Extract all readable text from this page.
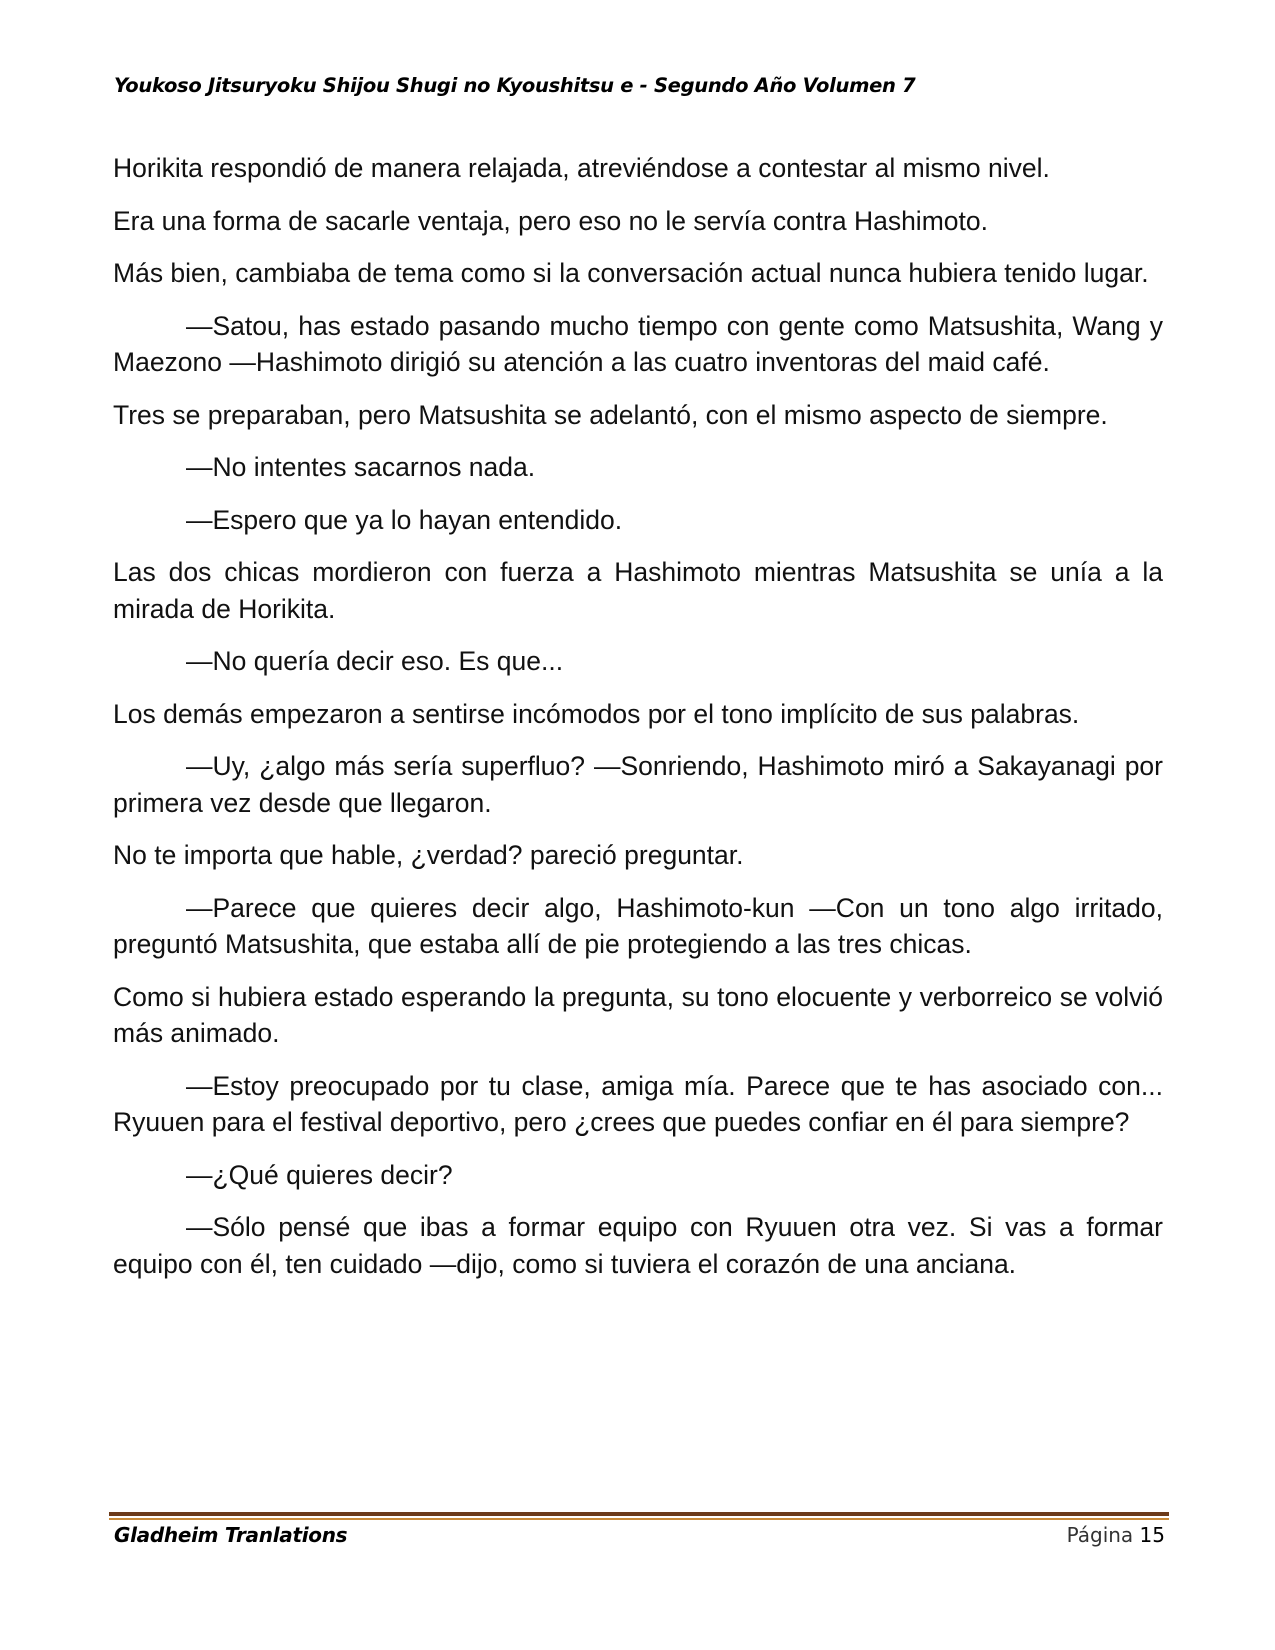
Youkoso Jitsuryoku Shijou Shugi no Kyoushitsu e - Segundo Año Volumen 7

Horikita respondió de manera relajada, atreviéndose a contestar al mismo nivel.

Era una forma de sacarle ventaja, pero eso no le servía contra Hashimoto.

Más bien, cambiaba de tema como si la conversación actual nunca hubiera tenido lugar.

—Satou, has estado pasando mucho tiempo con gente como Matsushita, Wang y Maezono —Hashimoto dirigió su atención a las cuatro inventoras del maid café.

Tres se preparaban, pero Matsushita se adelantó, con el mismo aspecto de siempre.

—No intentes sacarnos nada.

—Espero que ya lo hayan entendido.

Las dos chicas mordieron con fuerza a Hashimoto mientras Matsushita se unía a la mirada de Horikita.

—No quería decir eso. Es que...

Los demás empezaron a sentirse incómodos por el tono implícito de sus palabras.

—Uy, ¿algo más sería superfluo? —Sonriendo, Hashimoto miró a Sakayanagi por primera vez desde que llegaron.

No te importa que hable, ¿verdad? pareció preguntar.

—Parece que quieres decir algo, Hashimoto-kun —Con un tono algo irritado, preguntó Matsushita, que estaba allí de pie protegiendo a las tres chicas.

Como si hubiera estado esperando la pregunta, su tono elocuente y verborreico se volvió más animado.

—Estoy preocupado por tu clase, amiga mía. Parece que te has asociado con... Ryuuen para el festival deportivo, pero ¿crees que puedes confiar en él para siempre?

—¿Qué quieres decir?

—Sólo pensé que ibas a formar equipo con Ryuuen otra vez. Si vas a formar equipo con él, ten cuidado —dijo, como si tuviera el corazón de una anciana.

Gladheim Tranlations	Página 15
